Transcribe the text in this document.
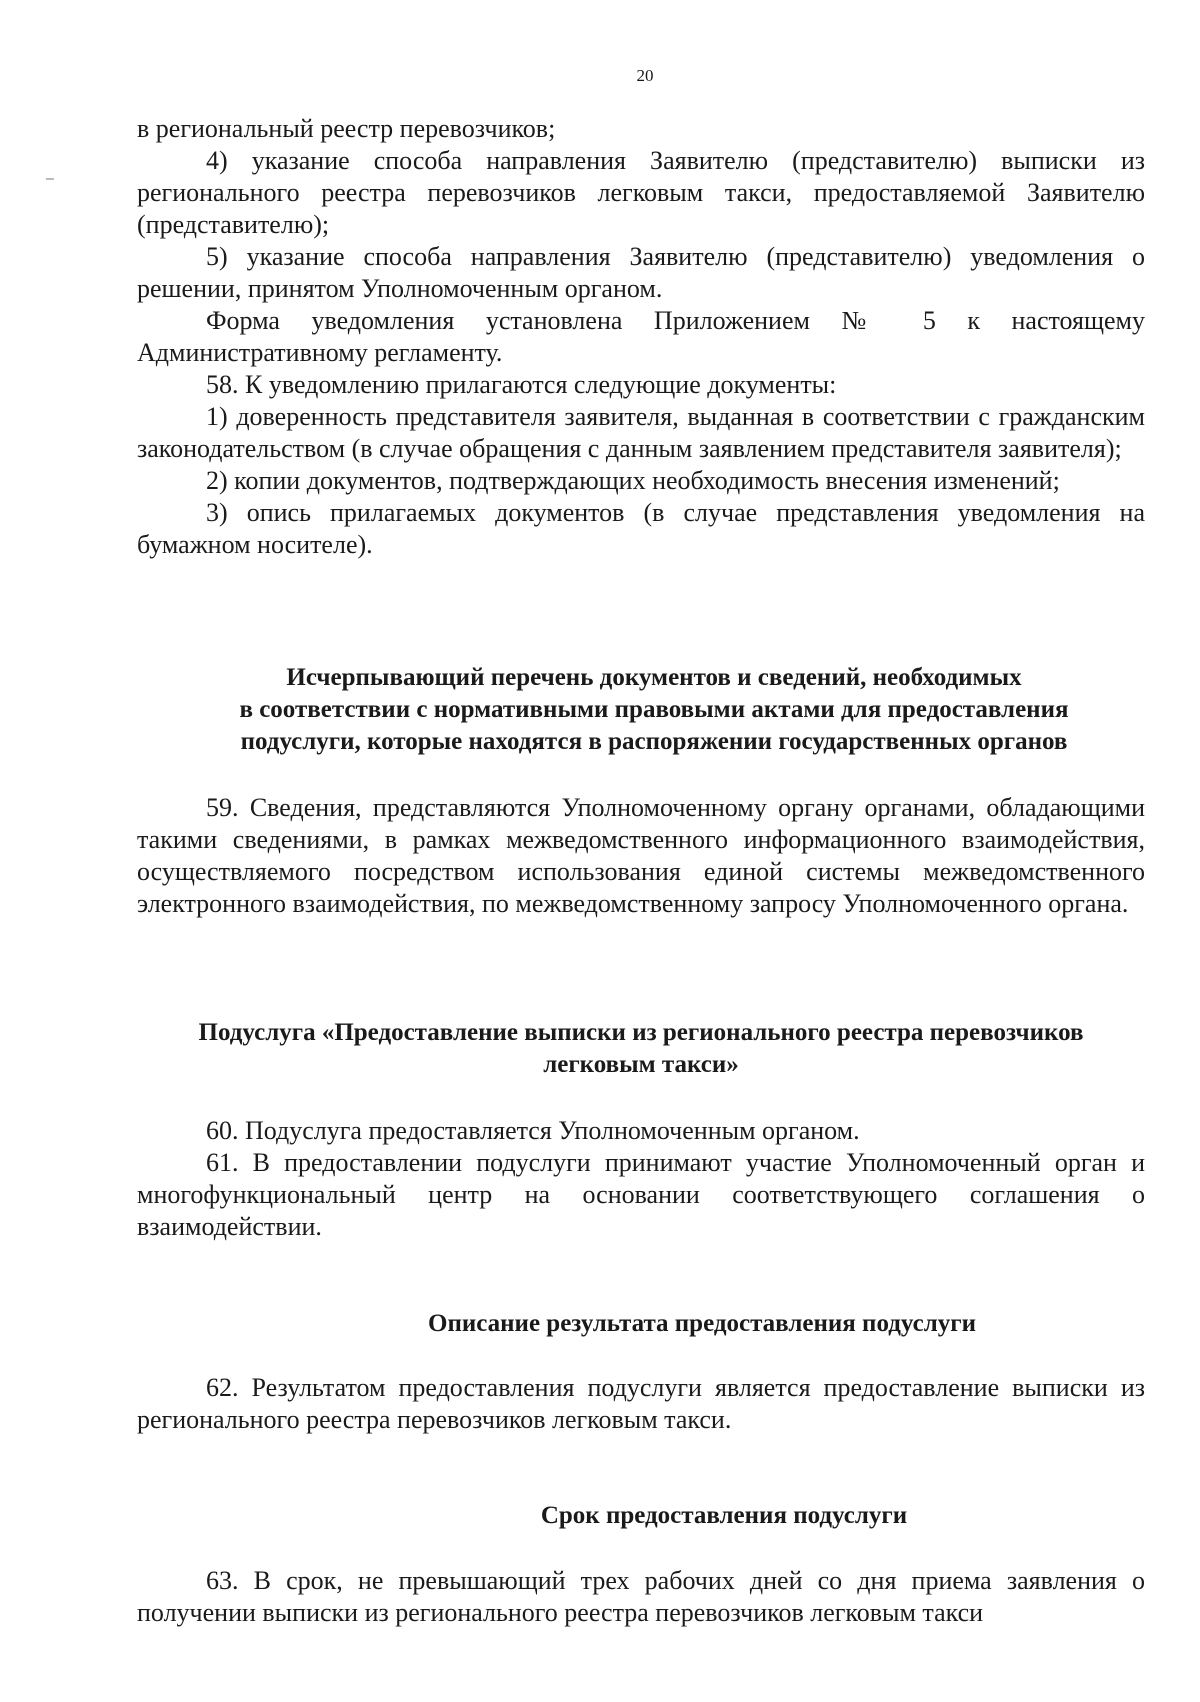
20

в региональный реестр перевозчиков;

4) указание способа направления Заявителю (представителю) выписки из регионального реестра перевозчиков легковым такси, предоставляемой Заявителю (представителю);

5) указание способа направления Заявителю (представителю) уведомления о решении, принятом Уполномоченным органом.

Форма уведомления установлена Приложением № 5 к настоящему Административному регламенту.

58. К уведомлению прилагаются следующие документы:

1) доверенность представителя заявителя, выданная в соответствии с гражданским законодательством (в случае обращения с данным заявлением представителя заявителя);

2) копии документов, подтверждающих необходимость внесения изменений;

3) опись прилагаемых документов (в случае представления уведомления на бумажном носителе).

Исчерпывающий перечень документов и сведений, необходимых
в соответствии с нормативными правовыми актами для предоставления
подуслуги, которые находятся в распоряжении государственных органов

59. Сведения, представляются Уполномоченному органу органами, обладающими такими сведениями, в рамках межведомственного информационного взаимодействия, осуществляемого посредством использования единой системы межведомственного электронного взаимодействия, по межведомственному запросу Уполномоченного органа.

Подуслуга «Предоставление выписки из регионального реестра перевозчиков
легковым такси»

60. Подуслуга предоставляется Уполномоченным органом.

61. В предоставлении подуслуги принимают участие Уполномоченный орган и многофункциональный центр на основании соответствующего соглашения о взаимодействии.

Описание результата предоставления подуслуги

62. Результатом предоставления подуслуги является предоставление выписки из регионального реестра перевозчиков легковым такси.

Срок предоставления подуслуги

63. В срок, не превышающий трех рабочих дней со дня приема заявления о получении выписки из регионального реестра перевозчиков легковым такси
